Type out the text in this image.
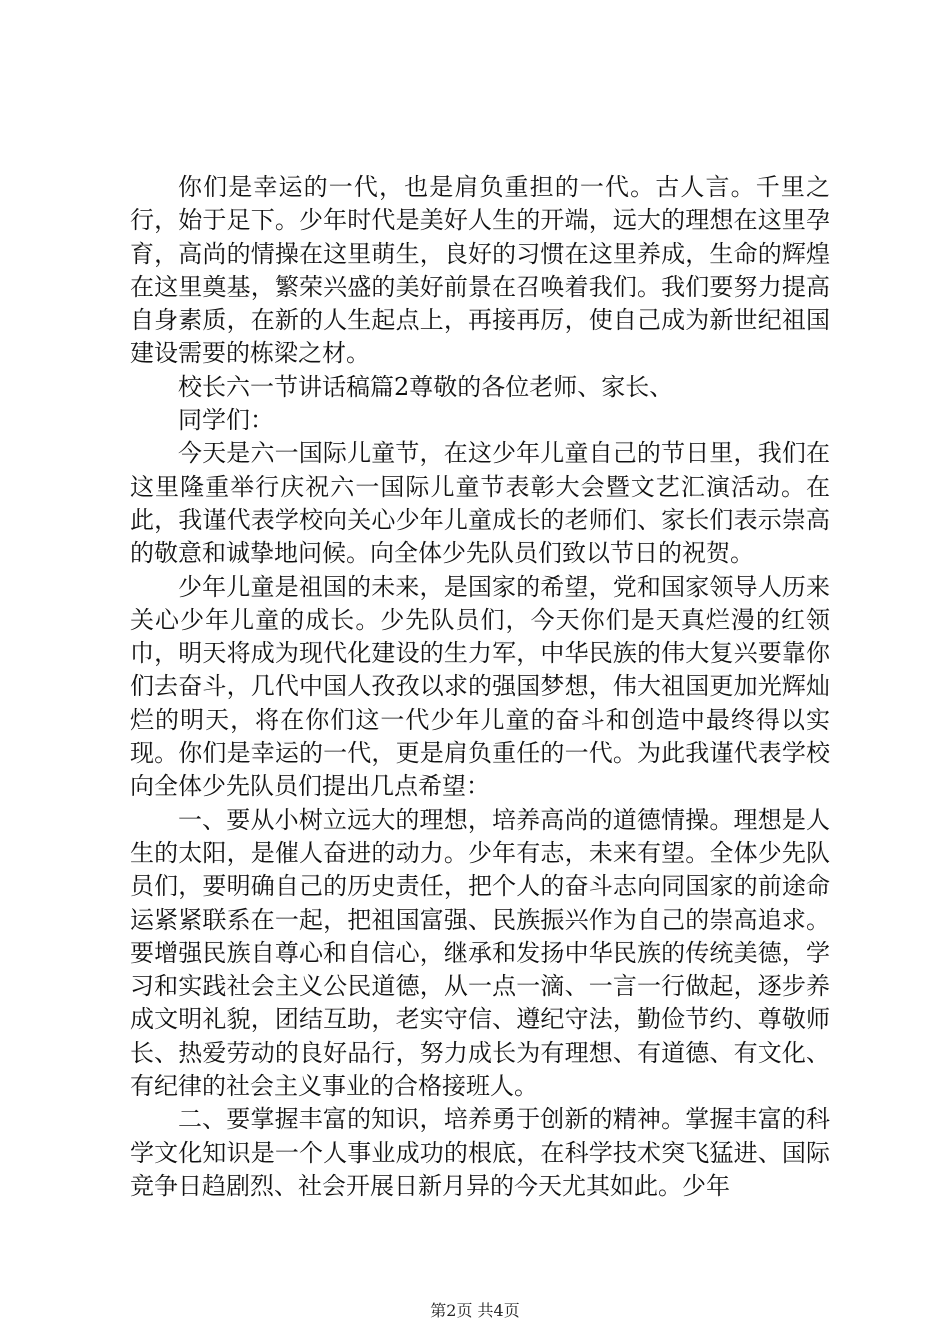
你们是幸运的一代，也是肩负重担的一代。古人言。千里之行，始于足下。少年时代是美好人生的开端，远大的理想在这里孕育，高尚的情操在这里萌生，良好的习惯在这里养成，生命的辉煌在这里奠基，繁荣兴盛的美好前景在召唤着我们。我们要努力提高自身素质，在新的人生起点上，再接再厉，使自己成为新世纪祖国建设需要的栋梁之材。

校长六一节讲话稿篇2尊敬的各位老师、家长、

同学们：

今天是六一国际儿童节，在这少年儿童自己的节日里，我们在这里隆重举行庆祝六一国际儿童节表彰大会暨文艺汇演活动。在此，我谨代表学校向关心少年儿童成长的老师们、家长们表示崇高的敬意和诚挚地问候。向全体少先队员们致以节日的祝贺。

少年儿童是祖国的未来，是国家的希望，党和国家领导人历来关心少年儿童的成长。少先队员们，今天你们是天真烂漫的红领巾，明天将成为现代化建设的生力军，中华民族的伟大复兴要靠你们去奋斗，几代中国人孜孜以求的强国梦想，伟大祖国更加光辉灿烂的明天，将在你们这一代少年儿童的奋斗和创造中最终得以实现。你们是幸运的一代，更是肩负重任的一代。为此我谨代表学校向全体少先队员们提出几点希望：

一、要从小树立远大的理想，培养高尚的道德情操。理想是人生的太阳，是催人奋进的动力。少年有志，未来有望。全体少先队员们，要明确自己的历史责任，把个人的奋斗志向同国家的前途命运紧紧联系在一起，把祖国富强、民族振兴作为自己的崇高追求。要增强民族自尊心和自信心，继承和发扬中华民族的传统美德，学习和实践社会主义公民道德，从一点一滴、一言一行做起，逐步养成文明礼貌，团结互助，老实守信、遵纪守法，勤俭节约、尊敬师长、热爱劳动的良好品行，努力成长为有理想、有道德、有文化、有纪律的社会主义事业的合格接班人。

二、要掌握丰富的知识，培养勇于创新的精神。掌握丰富的科学文化知识是一个人事业成功的根底，在科学技术突飞猛进、国际竞争日趋剧烈、社会开展日新月异的今天尤其如此。少年

第2页 共4页
